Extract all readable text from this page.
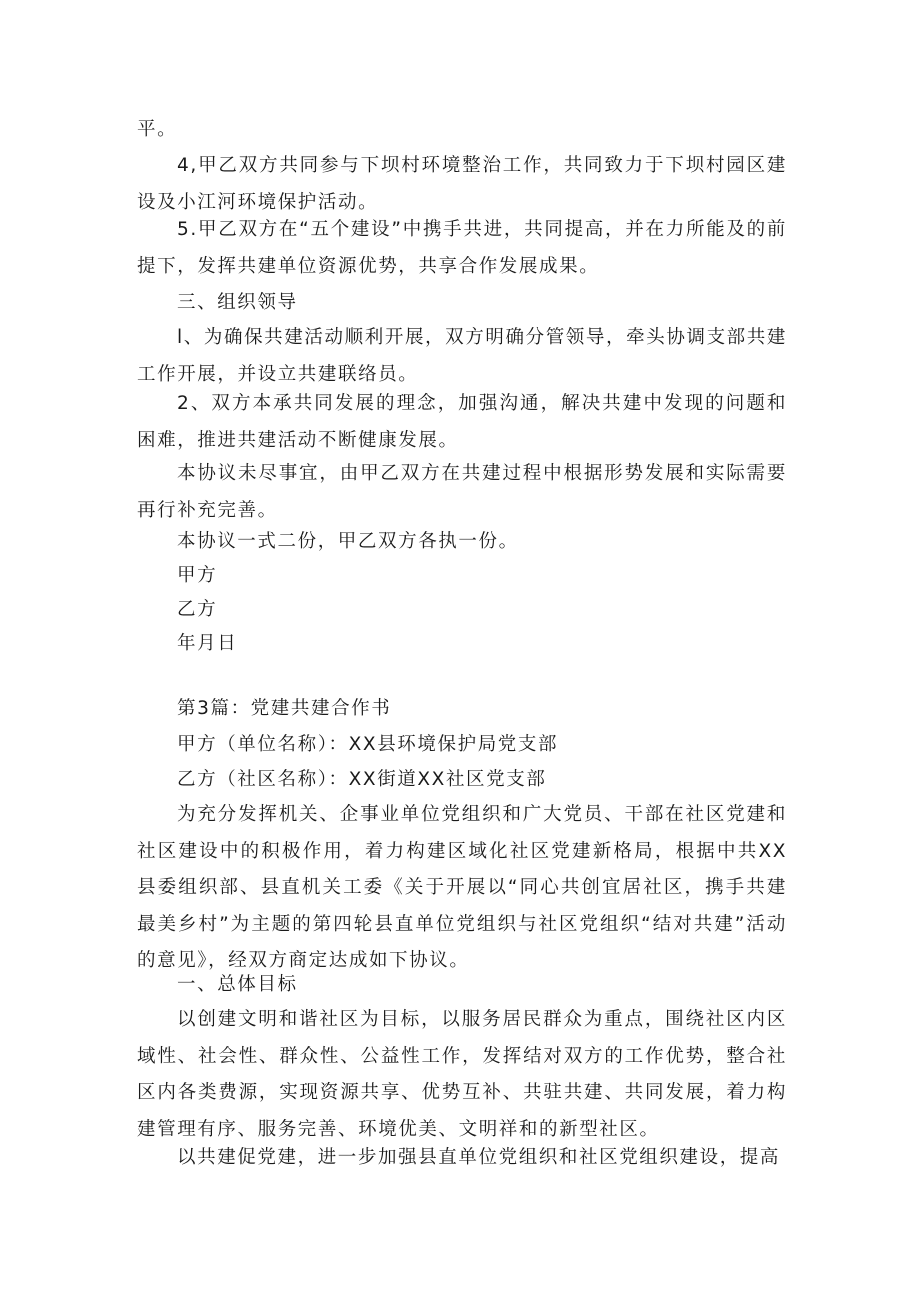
平。

4,甲乙双方共同参与下坝村环境整治工作，共同致力于下坝村园区建设及小江河环境保护活动。

5.甲乙双方在“五个建设”中携手共进，共同提高，并在力所能及的前提下，发挥共建单位资源优势，共享合作发展成果。

三、组织领导

l、为确保共建活动顺利开展，双方明确分管领导，牵头协调支部共建工作开展，并设立共建联络员。

2、双方本承共同发展的理念，加强沟通，解决共建中发现的问题和困难，推进共建活动不断健康发展。

本协议未尽事宜，由甲乙双方在共建过程中根据形势发展和实际需要再行补充完善。

本协议一式二份，甲乙双方各执一份。

甲方

乙方

年月日

第3篇：党建共建合作书

甲方（单位名称）：XX县环境保护局党支部

乙方（社区名称）：XX街道XX社区党支部

为充分发挥机关、企事业单位党组织和广大党员、干部在社区党建和社区建设中的积极作用，着力构建区域化社区党建新格局，根据中共XX县委组织部、县直机关工委《关于开展以“同心共创宜居社区，携手共建最美乡村”为主题的第四轮县直单位党组织与社区党组织“结对共建”活动的意见》，经双方商定达成如下协议。

一、总体目标

以创建文明和谐社区为目标，以服务居民群众为重点，围绕社区内区域性、社会性、群众性、公益性工作，发挥结对双方的工作优势，整合社区内各类费源，实现资源共享、优势互补、共驻共建、共同发展，着力构建管理有序、服务完善、环境优美、文明祥和的新型社区。

以共建促党建，进一步加强县直单位党组织和社区党组织建设，提高
